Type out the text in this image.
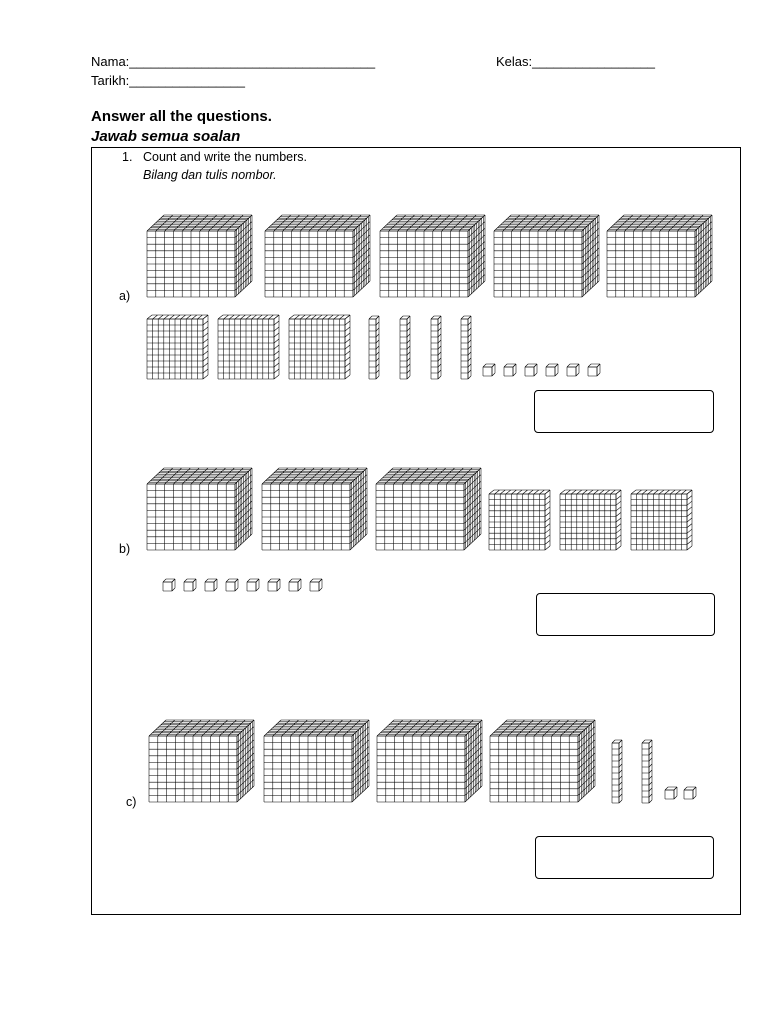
Nama:__________________________________	Kelas:_________________
Tarikh:________________
Answer all the questions.
Jawab semua soalan
1. Count and write the numbers.
Bilang dan tulis nombor.
a)
b)
c)
